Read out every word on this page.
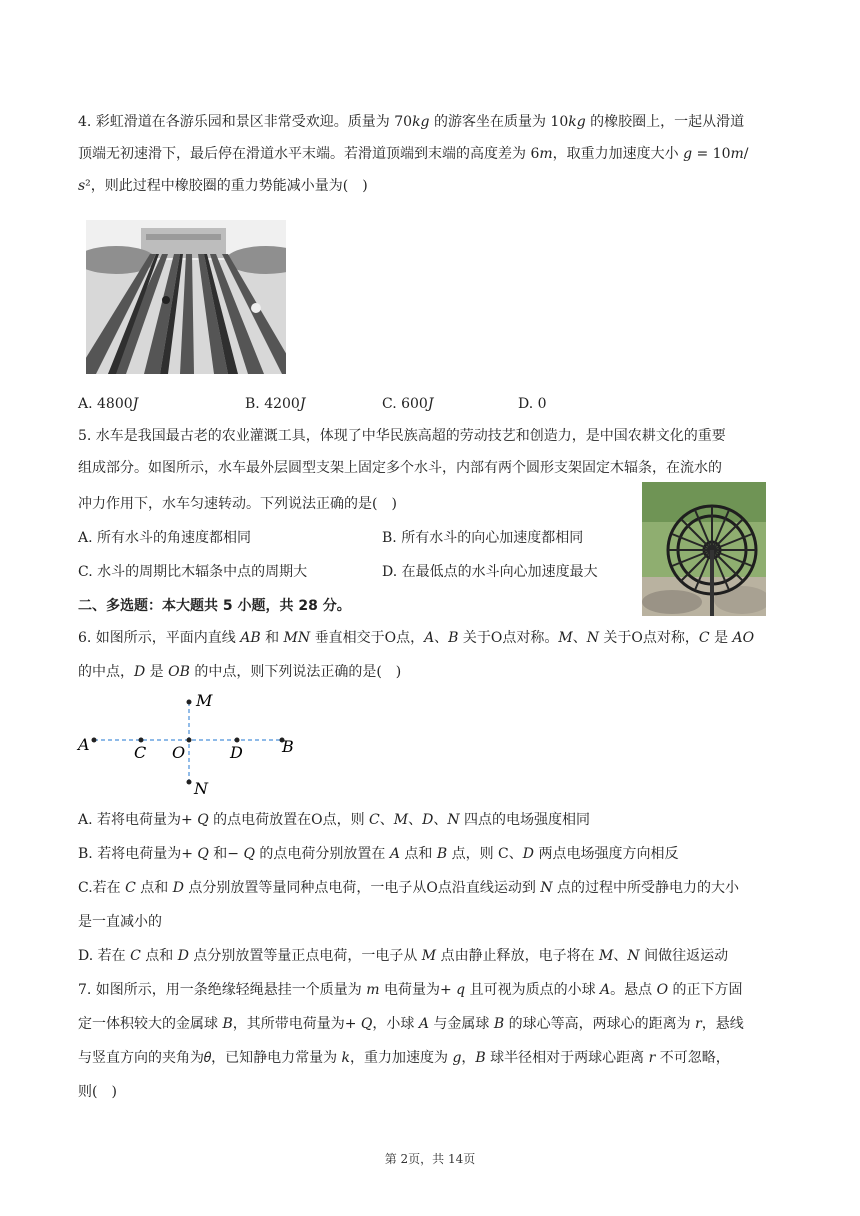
4. 彩虹滑道在各游乐园和景区非常受欢迎。质量为 70𝑘𝑔 的游客坐在质量为 10𝑘𝑔 的橡胶圈上，一起从滑道
顶端无初速滑下，最后停在滑道水平末端。若滑道顶端到末端的高度差为 6𝑚，取重力加速度大小 𝑔 = 10𝑚/
𝑠²，则此过程中橡胶圈的重力势能减小量为(　)
A. 4800𝐽	B. 4200𝐽	C. 600𝐽	D. 0
5. 水车是我国最古老的农业灌溉工具，体现了中华民族高超的劳动技艺和创造力，是中国农耕文化的重要
组成部分。如图所示，水车最外层圆型支架上固定多个水斗，内部有两个圆形支架固定木辐条，在流水的
冲力作用下，水车匀速转动。下列说法正确的是(　)
A. 所有水斗的角速度都相同	B. 所有水斗的向心加速度都相同
C. 水斗的周期比木辐条中点的周期大	D. 在最低点的水斗向心加速度最大
二、多选题：本大题共 5 小题，共 28 分。
6. 如图所示，平面内直线 𝐴𝐵 和 𝑀𝑁 垂直相交于O点，𝐴、𝐵 关于O点对称。𝑀、𝑁 关于O点对称，𝐶 是 𝐴𝑂
的中点，𝐷 是 𝑂𝐵 的中点，则下列说法正确的是(　)
A	C O	D B
M
N
A. 若将电荷量为+ 𝑄 的点电荷放置在O点，则 𝐶、𝑀、𝐷、𝑁 四点的电场强度相同
B. 若将电荷量为+ 𝑄 和− 𝑄 的点电荷分别放置在 𝐴 点和 𝐵 点，则 C、𝐷 两点电场强度方向相反
C.若在 𝐶 点和 𝐷 点分别放置等量同种点电荷，一电子从O点沿直线运动到 𝑁 点的过程中所受静电力的大小
是一直减小的
D. 若在 𝐶 点和 𝐷 点分别放置等量正点电荷，一电子从 𝑀 点由静止释放，电子将在 𝑀、𝑁 间做往返运动
7. 如图所示，用一条绝缘轻绳悬挂一个质量为 𝑚 电荷量为+ 𝑞 且可视为质点的小球 𝐴。悬点 𝑂 的正下方固
定一体积较大的金属球 𝐵，其所带电荷量为+ 𝑄，小球 𝐴 与金属球 𝐵 的球心等高，两球心的距离为 𝑟，悬线
与竖直方向的夹角为𝜃，已知静电力常量为 𝑘，重力加速度为 𝑔，𝐵 球半径相对于两球心距离 𝑟 不可忽略，
则(　)
第 2页，共 14页
